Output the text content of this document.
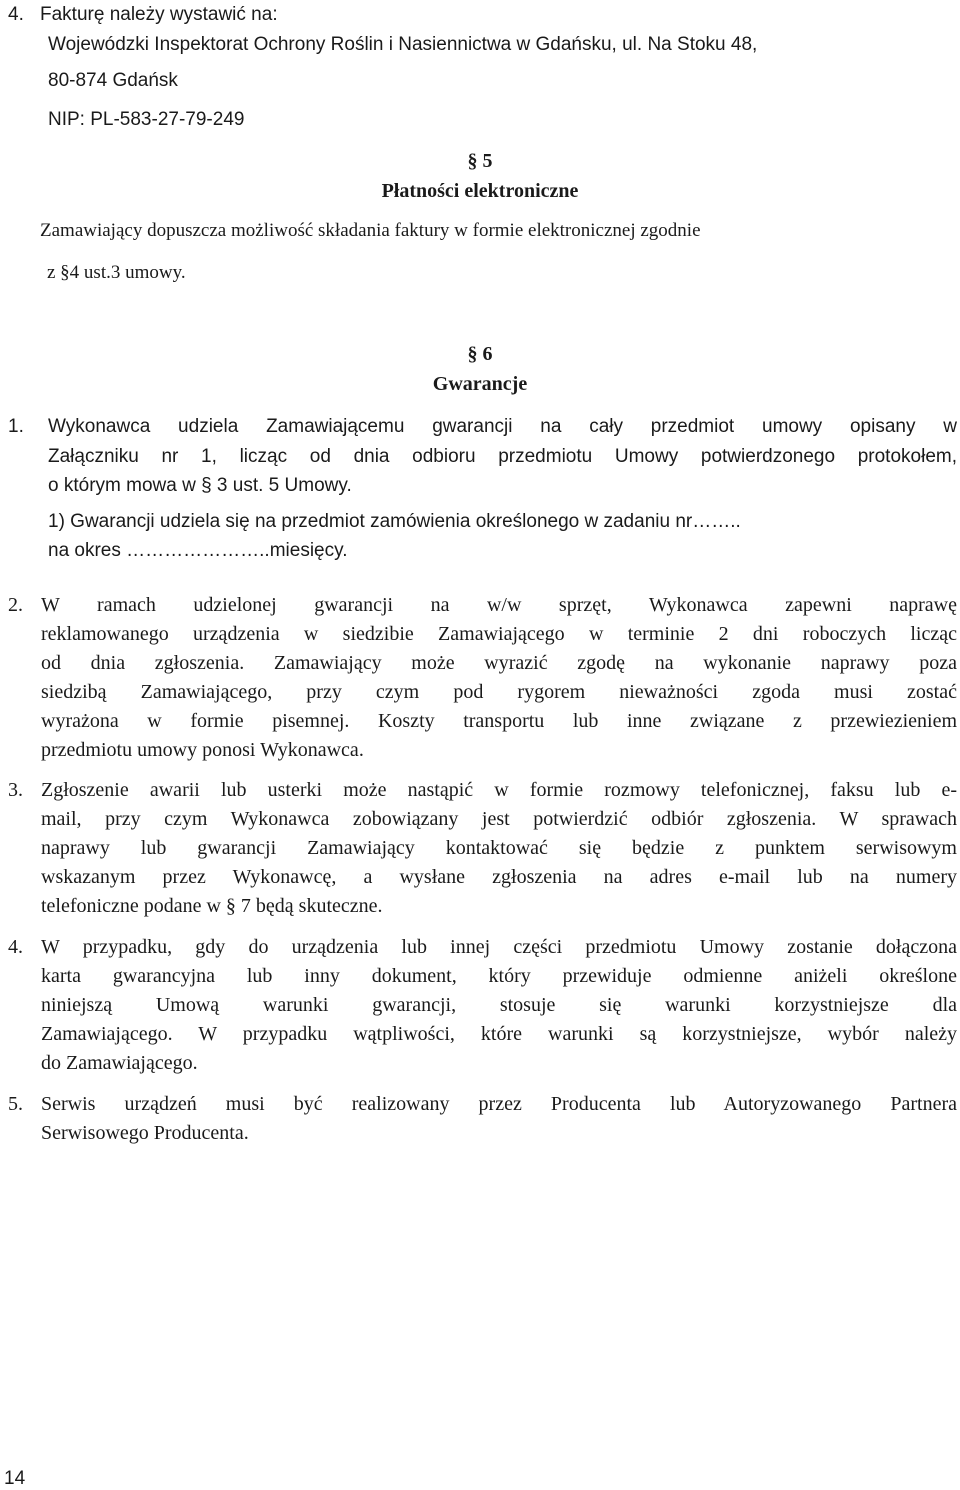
4. Fakturę należy wystawić na:
Wojewódzki Inspektorat Ochrony Roślin i Nasiennictwa w Gdańsku, ul. Na Stoku 48,
80-874 Gdańsk
NIP: PL-583-27-79-249
§ 5
Płatności elektroniczne
Zamawiający dopuszcza możliwość składania faktury w formie elektronicznej zgodnie
z §4 ust.3 umowy.
§ 6
Gwarancje
1. Wykonawca udziela Zamawiającemu gwarancji na cały przedmiot umowy opisany w
Załączniku nr 1, licząc od dnia odbioru przedmiotu Umowy potwierdzonego protokołem,
o którym mowa w § 3 ust. 5 Umowy.
1) Gwarancji udziela się na przedmiot zamówienia określonego w zadaniu nr……..
na okres …………………..miesięcy.
2. W ramach udzielonej gwarancji na w/w sprzęt, Wykonawca zapewni naprawę
reklamowanego urządzenia w siedzibie Zamawiającego w terminie 2 dni roboczych licząc
od dnia zgłoszenia. Zamawiający może wyrazić zgodę na wykonanie naprawy poza
siedzibą Zamawiającego, przy czym pod rygorem nieważności zgoda musi zostać
wyrażona w formie pisemnej. Koszty transportu lub inne związane z przewiezieniem
przedmiotu umowy ponosi Wykonawca.
3. Zgłoszenie awarii lub usterki może nastąpić w formie rozmowy telefonicznej, faksu lub e-
mail, przy czym Wykonawca zobowiązany jest potwierdzić odbiór zgłoszenia. W sprawach
naprawy lub gwarancji Zamawiający kontaktować się będzie z punktem serwisowym
wskazanym przez Wykonawcę, a wysłane zgłoszenia na adres e-mail lub na numery
telefoniczne podane w § 7 będą skuteczne.
4. W przypadku, gdy do urządzenia lub innej części przedmiotu Umowy zostanie dołączona
karta gwarancyjna lub inny dokument, który przewiduje odmienne aniżeli określone
niniejszą Umową warunki gwarancji, stosuje się warunki korzystniejsze dla
Zamawiającego. W przypadku wątpliwości, które warunki są korzystniejsze, wybór należy
do Zamawiającego.
5. Serwis urządzeń musi być realizowany przez Producenta lub Autoryzowanego Partnera
Serwisowego Producenta.
14
